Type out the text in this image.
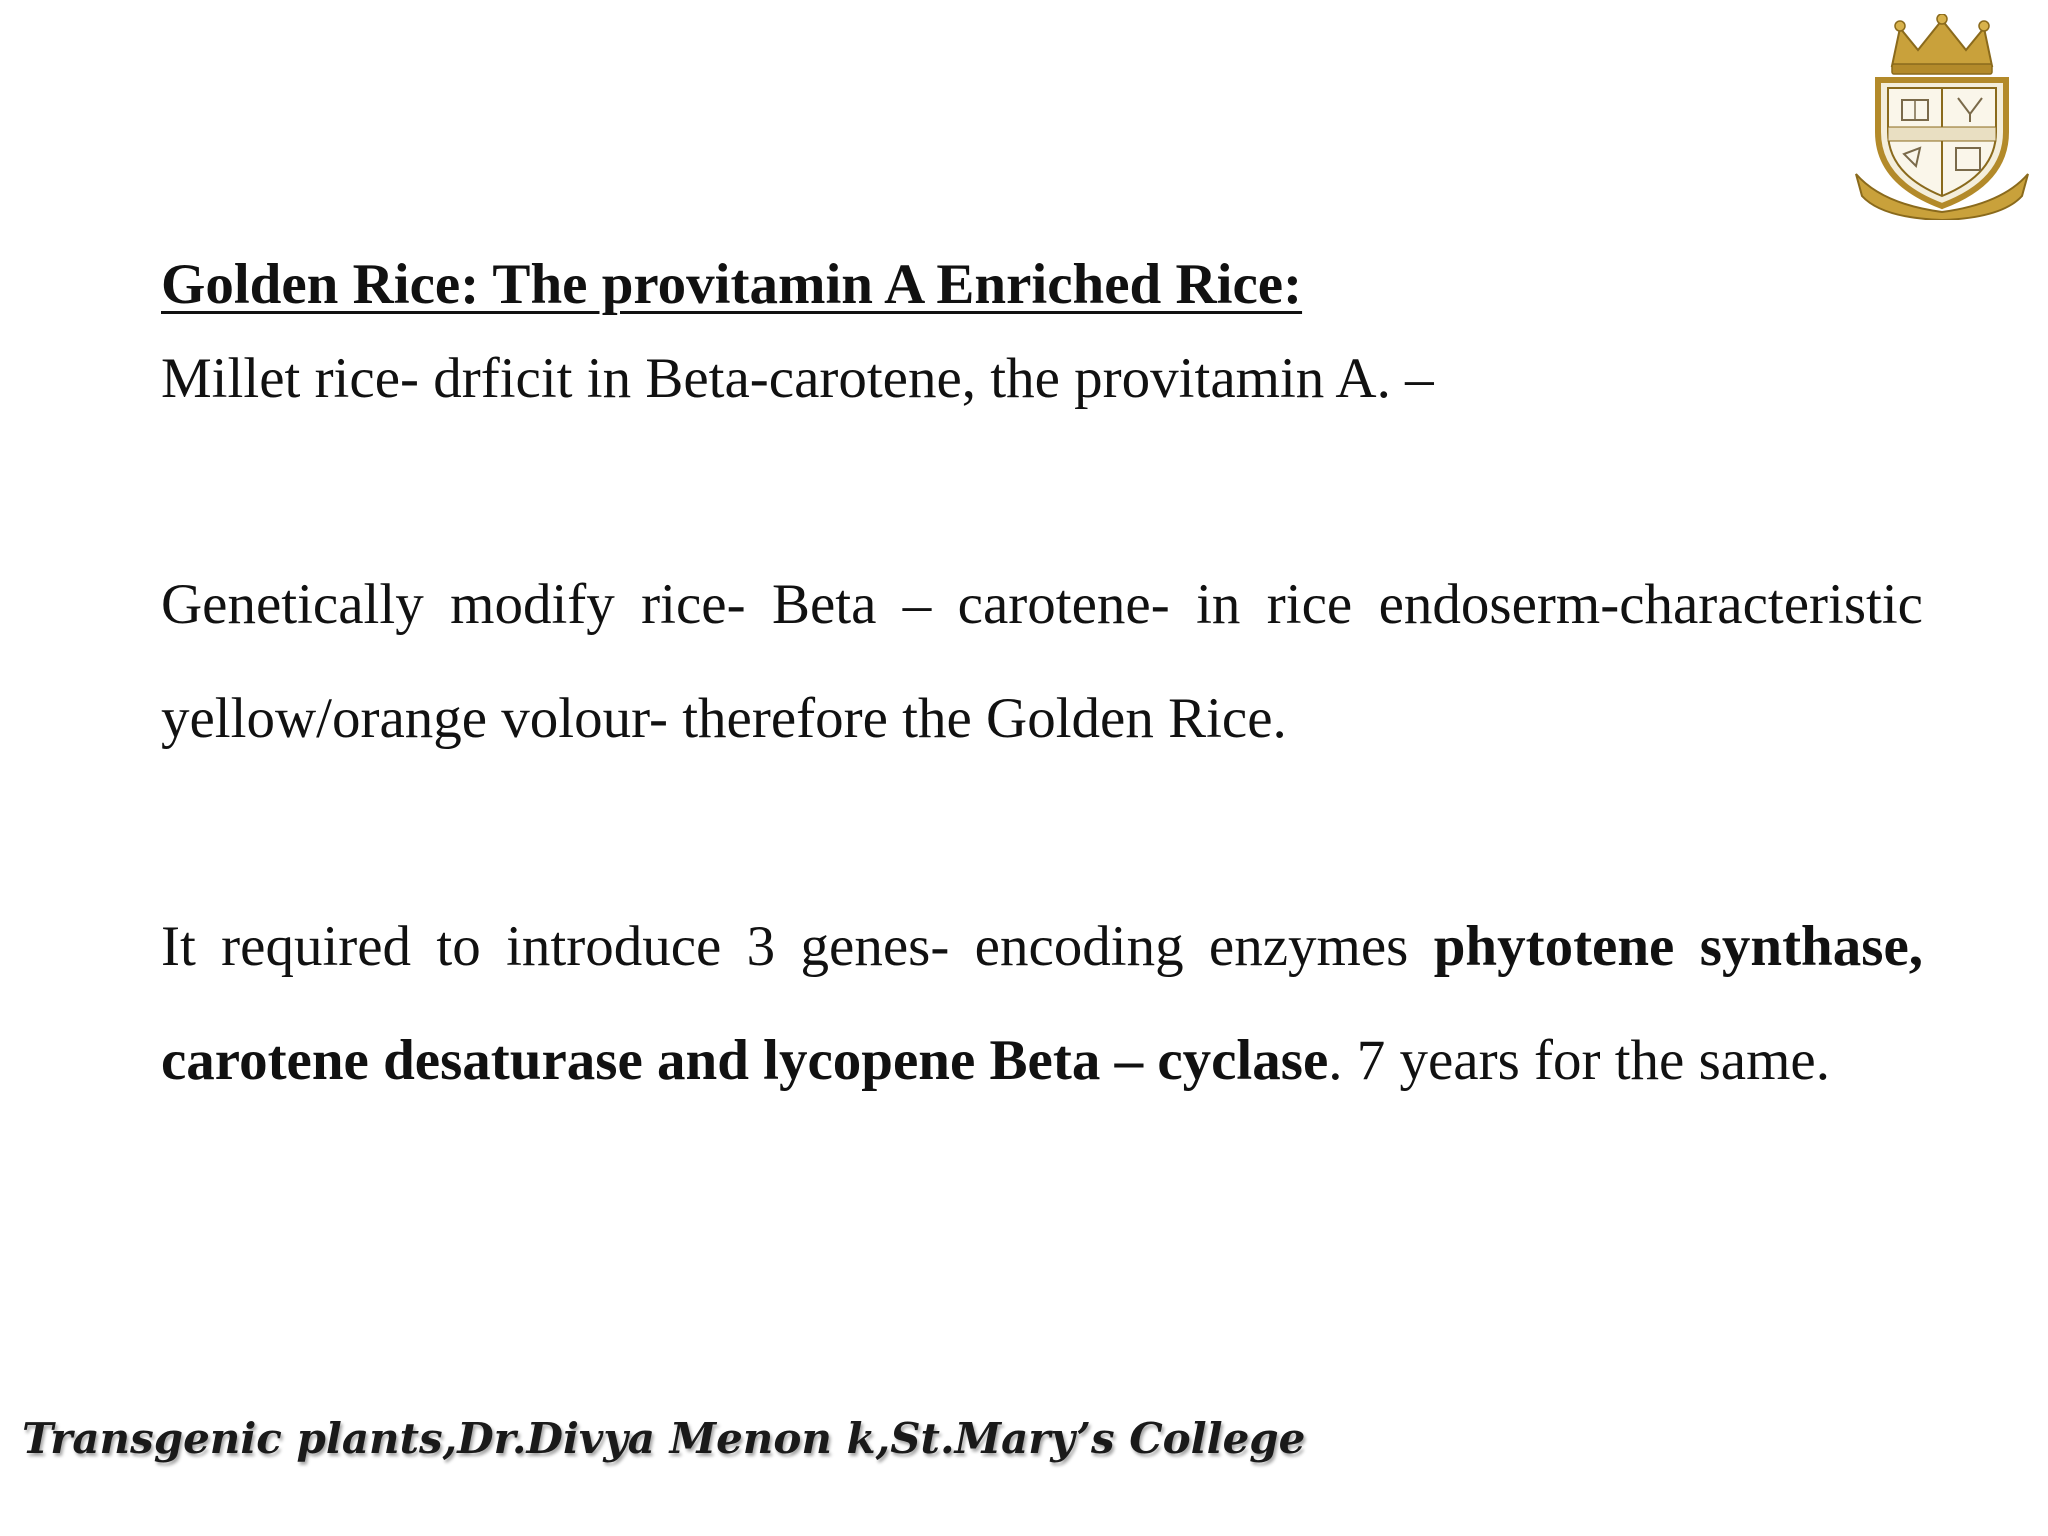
Golden Rice: The provitamin A Enriched Rice:

Millet rice- drficit in Beta-carotene, the provitamin A. –

Genetically modify rice- Beta – carotene- in rice endoserm-characteristic yellow/orange volour- therefore the Golden Rice.

It required to introduce 3 genes- encoding enzymes phytotene synthase, carotene desaturase and lycopene Beta – cyclase. 7 years for the same.

Transgenic plants,Dr.Divya Menon k,St.Mary’s College
